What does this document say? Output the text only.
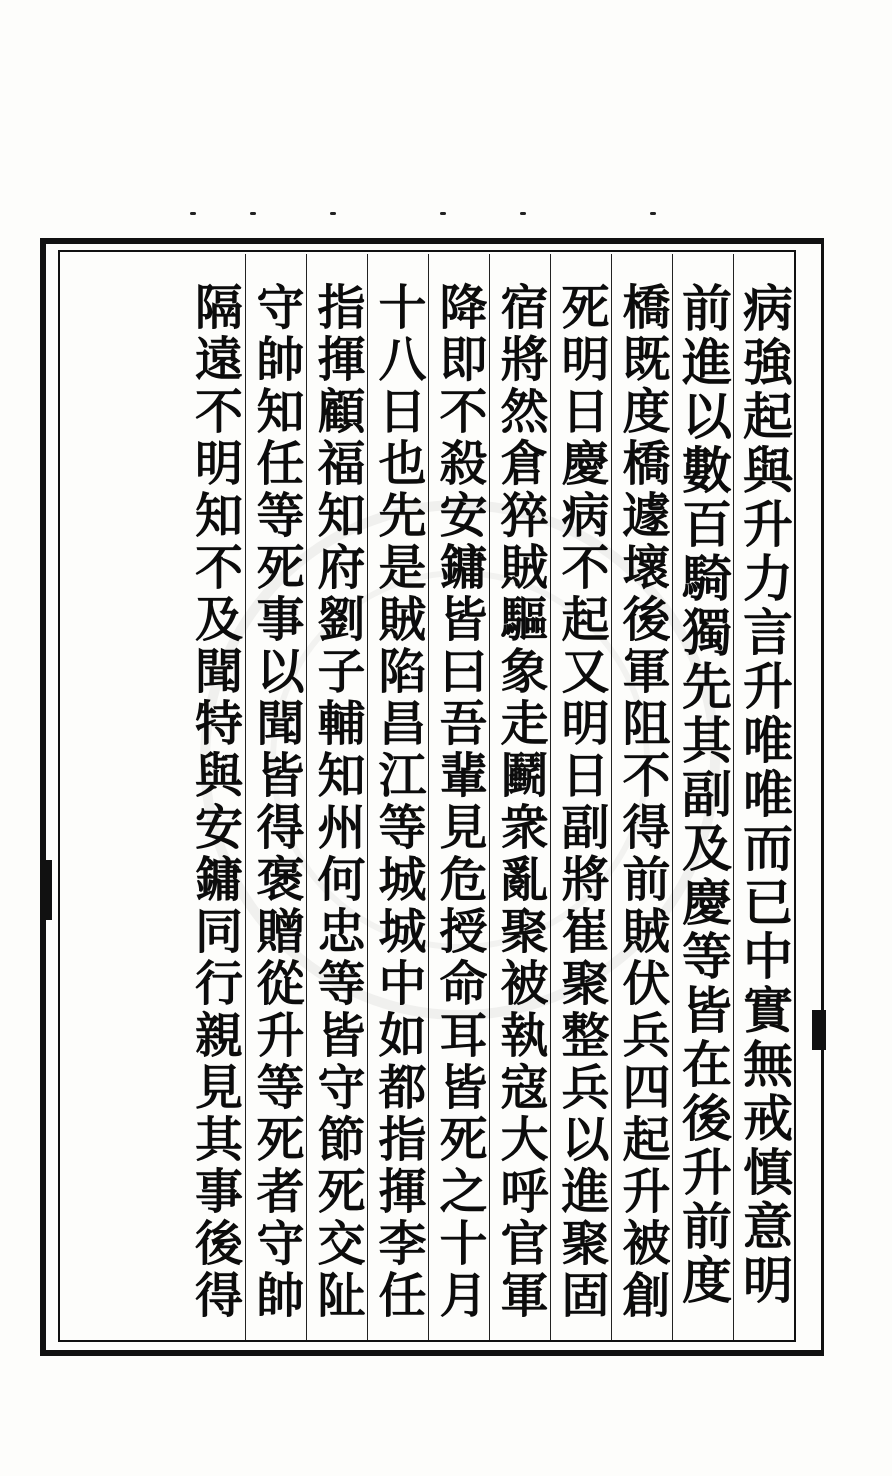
病強起與升力言升唯唯而已中實無戒慎意明
前進以數百騎獨先其副及慶等皆在後升前度
橋既度橋遽壞後軍阻不得前賊伏兵四起升被創
死明日慶病不起又明日副將崔聚整兵以進聚固
宿將然倉猝賊驅象走鬬衆亂聚被執寇大呼官軍
降即不殺安鏞皆曰吾輩見危授命耳皆死之十月
十八日也先是賊陷昌江等城城中如都指揮李任
指揮顧福知府劉子輔知州何忠等皆守節死交阯
守帥知任等死事以聞皆得褒贈從升等死者守帥
隔遠不明知不及聞特與安鏞同行親見其事後得
